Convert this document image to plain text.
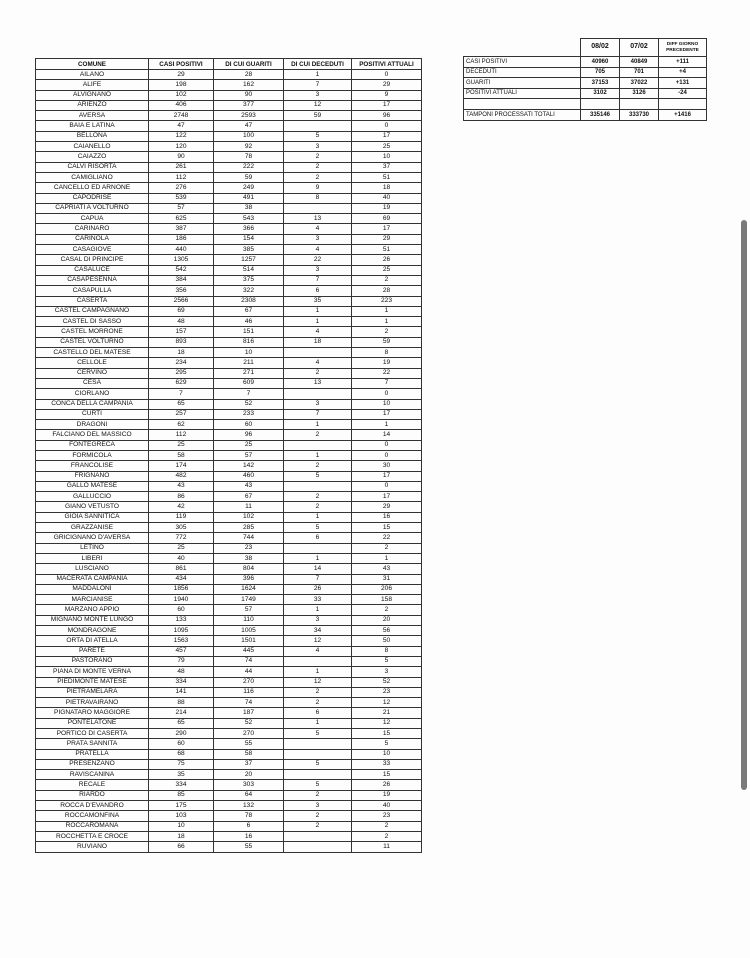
	08/02	07/02	DIFF GIORNO PRECEDENTE
CASI POSITIVI	40960	40849	+111
DECEDUTI	705	701	+4
GUARITI	37153	37022	+131
POSITIVI ATTUALI	3102	3126	-24

TAMPONI PROCESSATI TOTALI	335146	333730	+1416
COMUNE	CASI POSITIVI	DI CUI GUARITI	DI CUI DECEDUTI	POSITIVI ATTUALI
AILANO	29	28	1	0
ALIFE	198	162	7	29
ALVIGNANO	102	90	3	9
ARIENZO	406	377	12	17
AVERSA	2748	2593	59	96
BAIA E LATINA	47	47		0
BELLONA	122	100	5	17
CAIANELLO	120	92	3	25
CAIAZZO	90	78	2	10
CALVI RISORTA	261	222	2	37
CAMIGLIANO	112	59	2	51
CANCELLO ED ARNONE	276	249	9	18
CAPODRISE	539	491	8	40
CAPRIATI A VOLTURNO	57	38		19
CAPUA	625	543	13	69
CARINARO	387	366	4	17
CARINOLA	186	154	3	29
CASAGIOVE	440	385	4	51
CASAL DI PRINCIPE	1305	1257	22	26
CASALUCE	542	514	3	25
CASAPESENNA	384	375	7	2
CASAPULLA	356	322	6	28
CASERTA	2566	2308	35	223
CASTEL CAMPAGNANO	69	67	1	1
CASTEL DI SASSO	48	46	1	1
CASTEL MORRONE	157	151	4	2
CASTEL VOLTURNO	893	816	18	59
CASTELLO DEL MATESE	18	10		8
CELLOLE	234	211	4	19
CERVINO	295	271	2	22
CESA	629	609	13	7
CIORLANO	7	7		0
CONCA DELLA CAMPANIA	65	52	3	10
CURTI	257	233	7	17
DRAGONI	62	60	1	1
FALCIANO DEL MASSICO	112	96	2	14
FONTEGRECA	25	25		0
FORMICOLA	58	57	1	0
FRANCOLISE	174	142	2	30
FRIGNANO	482	460	5	17
GALLO MATESE	43	43		0
GALLUCCIO	86	67	2	17
GIANO VETUSTO	42	11	2	29
GIOIA SANNITICA	119	102	1	16
GRAZZANISE	305	285	5	15
GRICIGNANO D'AVERSA	772	744	6	22
LETINO	25	23		2
LIBERI	40	38	1	1
LUSCIANO	861	804	14	43
MACERATA CAMPANIA	434	396	7	31
MADDALONI	1856	1624	26	206
MARCIANISE	1940	1749	33	158
MARZANO APPIO	60	57	1	2
MIGNANO MONTE LUNGO	133	110	3	20
MONDRAGONE	1095	1005	34	56
ORTA DI ATELLA	1563	1501	12	50
PARETE	457	445	4	8
PASTORANO	79	74		5
PIANA DI MONTE VERNA	48	44	1	3
PIEDIMONTE MATESE	334	270	12	52
PIETRAMELARA	141	116	2	23
PIETRAVAIRANO	88	74	2	12
PIGNATARO MAGGIORE	214	187	6	21
PONTELATONE	65	52	1	12
PORTICO DI CASERTA	290	270	5	15
PRATA SANNITA	60	55		5
PRATELLA	68	58		10
PRESENZANO	75	37	5	33
RAVISCANINA	35	20		15
RECALE	334	303	5	26
RIARDO	85	64	2	19
ROCCA D'EVANDRO	175	132	3	40
ROCCAMONFINA	103	78	2	23
ROCCAROMANA	10	6	2	2
ROCCHETTA E CROCE	18	16		2
RUVIANO	66	55		11
